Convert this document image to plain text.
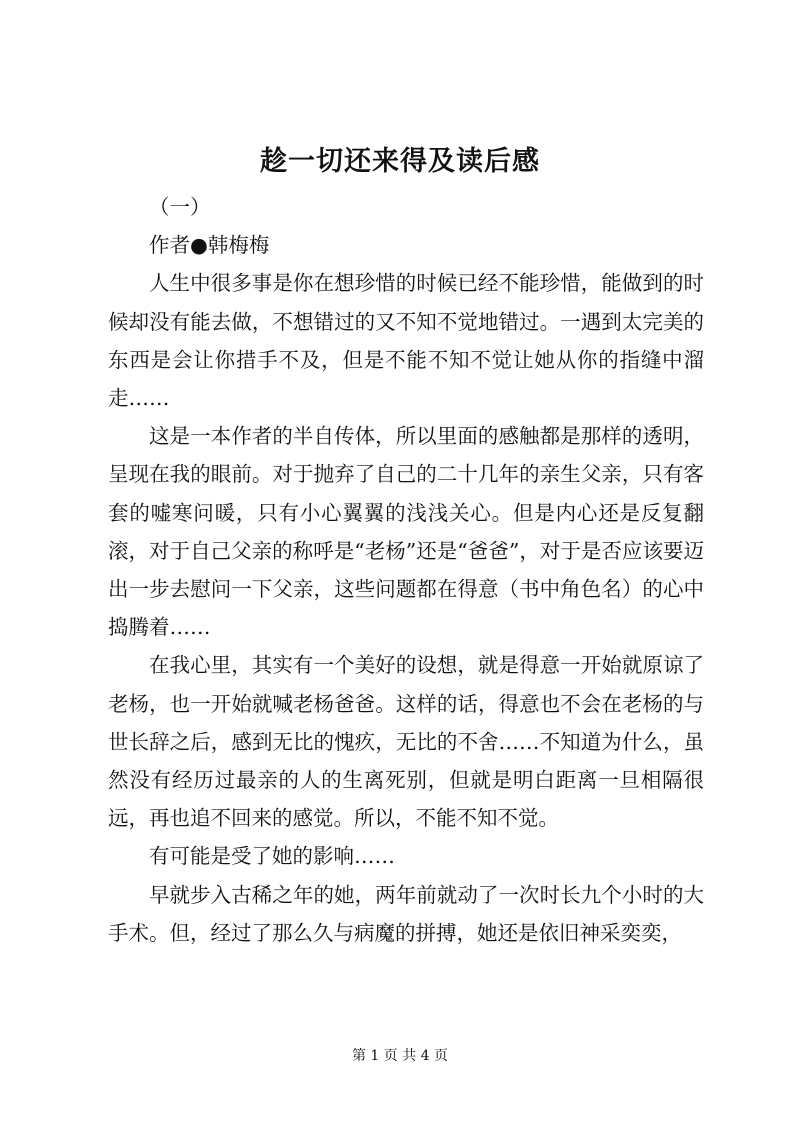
趁一切还来得及读后感

（一）

作者●韩梅梅

人生中很多事是你在想珍惜的时候已经不能珍惜，能做到的时候却没有能去做，不想错过的又不知不觉地错过。一遇到太完美的东西是会让你措手不及，但是不能不知不觉让她从你的指缝中溜走……

这是一本作者的半自传体，所以里面的感触都是那样的透明，呈现在我的眼前。对于抛弃了自己的二十几年的亲生父亲，只有客套的嘘寒问暖，只有小心翼翼的浅浅关心。但是内心还是反复翻滚，对于自己父亲的称呼是“老杨”还是“爸爸”，对于是否应该要迈出一步去慰问一下父亲，这些问题都在得意（书中角色名）的心中捣腾着……

在我心里，其实有一个美好的设想，就是得意一开始就原谅了老杨，也一开始就喊老杨爸爸。这样的话，得意也不会在老杨的与世长辞之后，感到无比的愧疚，无比的不舍……不知道为什么，虽然没有经历过最亲的人的生离死别，但就是明白距离一旦相隔很远，再也追不回来的感觉。所以，不能不知不觉。

有可能是受了她的影响……

早就步入古稀之年的她，两年前就动了一次时长九个小时的大手术。但，经过了那么久与病魔的拼搏，她还是依旧神采奕奕，

第 1 页 共 4 页
